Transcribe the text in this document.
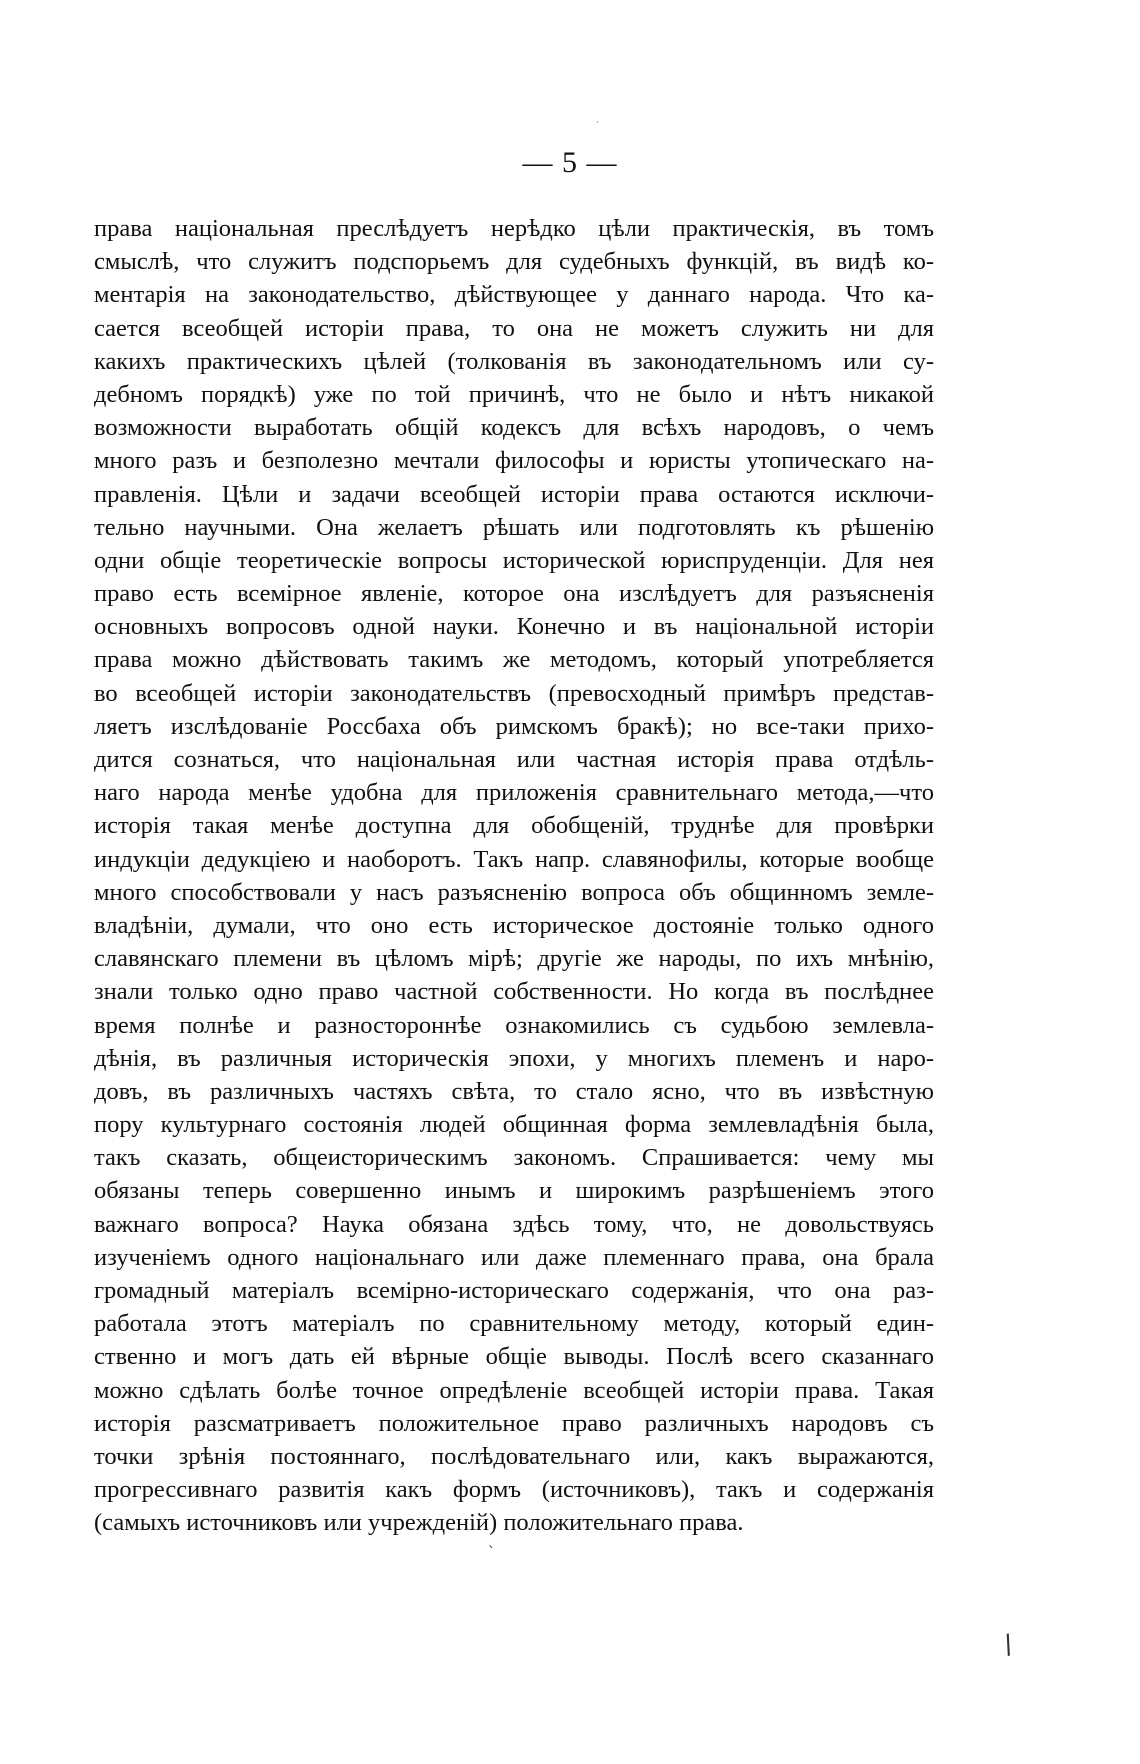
— 5 —
·
права національная преслѣдуетъ нерѣдко цѣли практическія, въ томъ
смыслѣ, что служитъ подспорьемъ для судебныхъ функцій, въ видѣ ко-
ментарія на законодательство, дѣйствующее у даннаго народа. Что ка-
сается всеобщей исторіи права, то она не можетъ служить ни для
какихъ практическихъ цѣлей (толкованія въ законодательномъ или су-
дебномъ порядкѣ) уже по той причинѣ, что не было и нѣтъ никакой
возможности выработать общій кодексъ для всѣхъ народовъ, о чемъ
много разъ и безполезно мечтали философы и юристы утопическаго на-
правленія. Цѣли и задачи всеобщей исторіи права остаются исключи-
тельно научными. Она желаетъ рѣшать или подготовлять къ рѣшенію
одни общіе теоретическіе вопросы исторической юриспруденціи. Для нея
право есть всемірное явленіе, которое она изслѣдуетъ для разъясненія
основныхъ вопросовъ одной науки. Конечно и въ національной исторіи
права можно дѣйствовать такимъ же методомъ, который употребляется
во всеобщей исторіи законодательствъ (превосходный примѣръ представ-
ляетъ изслѣдованіе Россбаха объ римскомъ бракѣ); но все-таки прихо-
дится сознаться, что національная или частная исторія права отдѣль-
наго народа менѣе удобна для приложенія сравнительнаго метода,—что
исторія такая менѣе доступна для обобщеній, труднѣе для провѣрки
индукціи дедукціею и наоборотъ. Такъ напр. славянофилы, которые вообще
много способствовали у насъ разъясненію вопроса объ общинномъ земле-
владѣніи, думали, что оно есть историческое достояніе только одного
славянскаго племени въ цѣломъ мірѣ; другіе же народы, по ихъ мнѣнію,
знали только одно право частной собственности. Но когда въ послѣднее
время полнѣе и разностороннѣе ознакомились съ судьбою землевла-
дѣнія, въ различныя историческія эпохи, у многихъ племенъ и наро-
довъ, въ различныхъ частяхъ свѣта, то стало ясно, что въ извѣстную
пору культурнаго состоянія людей общинная форма землевладѣнія была,
такъ сказать, общеисторическимъ закономъ. Спрашивается: чему мы
обязаны теперь совершенно инымъ и широкимъ разрѣшеніемъ этого
важнаго вопроса? Наука обязана здѣсь тому, что, не довольствуясь
изученіемъ одного національнаго или даже племеннаго права, она брала
громадный матеріалъ всемірно-историческаго содержанія, что она раз-
работала этотъ матеріалъ по сравнительному методу, который един-
ственно и могъ дать ей вѣрные общіе выводы. Послѣ всего сказаннаго
можно сдѣлать болѣе точное опредѣленіе всеобщей исторіи права. Такая
исторія разсматриваетъ положительное право различныхъ народовъ съ
точки зрѣнія постояннаго, послѣдовательнаго или, какъ выражаются,
прогрессивнаго развитія какъ формъ (источниковъ), такъ и содержанія
(самыхъ источниковъ или учрежденій) положительнаго права.
ˋ
/
